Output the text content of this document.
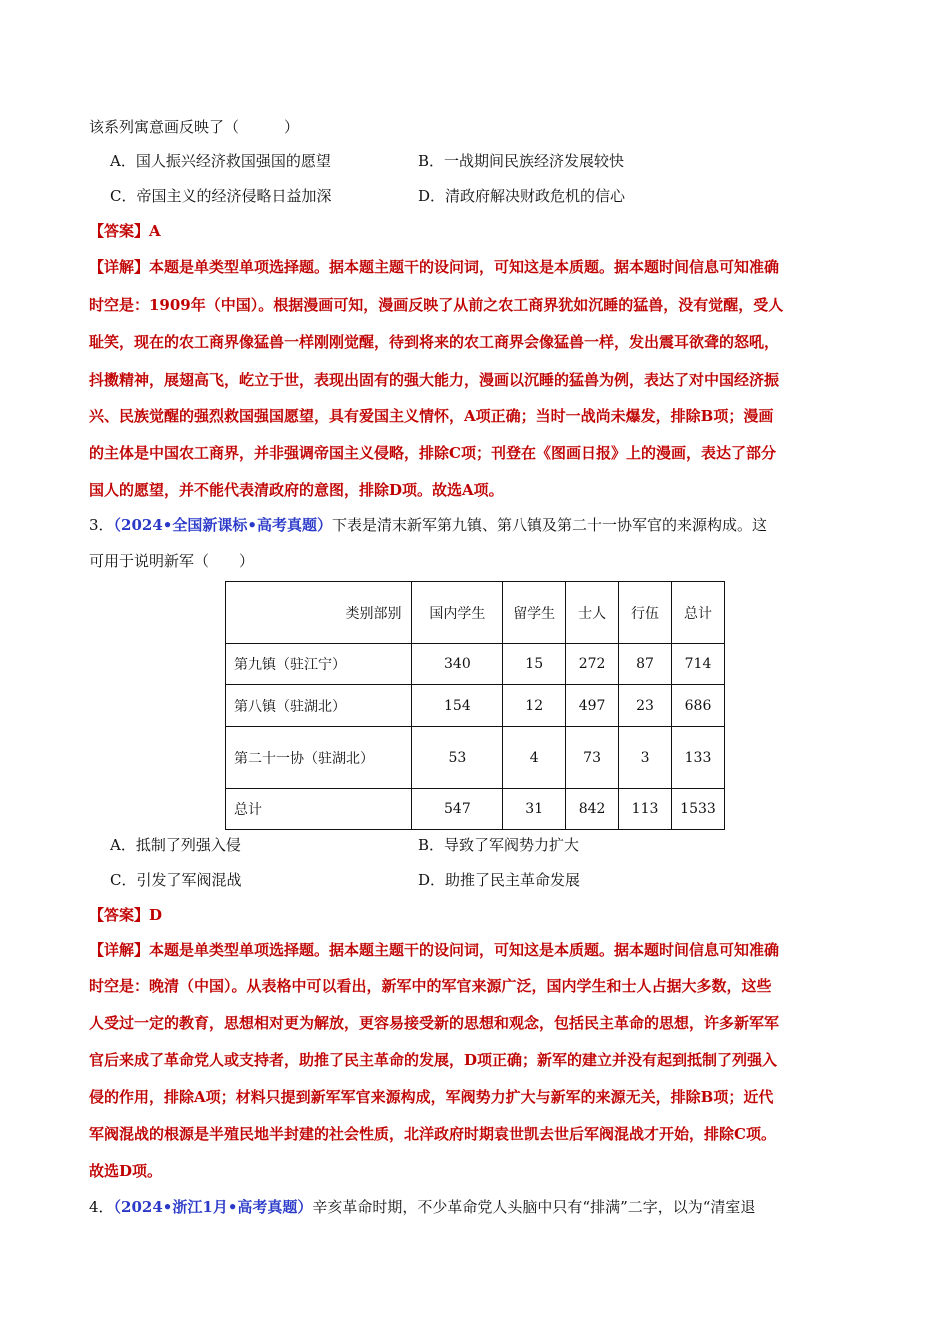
该系列寓意画反映了（　　　）
A．国人振兴经济救国强国的愿望	B．一战期间民族经济发展较快
C．帝国主义的经济侵略日益加深	D．清政府解决财政危机的信心
【答案】A
【详解】本题是单类型单项选择题。据本题主题干的设问词，可知这是本质题。据本题时间信息可知准确
时空是：1909年（中国）。根据漫画可知，漫画反映了从前之农工商界犹如沉睡的猛兽，没有觉醒，受人
耻笑，现在的农工商界像猛兽一样刚刚觉醒，待到将来的农工商界会像猛兽一样，发出震耳欲聋的怒吼，
抖擞精神，展翅高飞，屹立于世，表现出固有的强大能力，漫画以沉睡的猛兽为例，表达了对中国经济振
兴、民族觉醒的强烈救国强国愿望，具有爱国主义情怀，A项正确；当时一战尚未爆发，排除B项；漫画
的主体是中国农工商界，并非强调帝国主义侵略，排除C项；刊登在《图画日报》上的漫画，表达了部分
国人的愿望，并不能代表清政府的意图，排除D项。故选A项。
3．（2024•全国新课标•高考真题）下表是清末新军第九镇、第八镇及第二十一协军官的来源构成。这
可用于说明新军（　　）
类别部别	国内学生	留学生	士人	行伍	总计
第九镇（驻江宁）	340	15	272	87	714
第八镇（驻湖北）	154	12	497	23	686
第二十一协（驻湖北）	53	4	73	3	133
总计	547	31	842	113	1533
A．抵制了列强入侵	B．导致了军阀势力扩大
C．引发了军阀混战	D．助推了民主革命发展
【答案】D
【详解】本题是单类型单项选择题。据本题主题干的设问词，可知这是本质题。据本题时间信息可知准确
时空是：晚清（中国）。从表格中可以看出，新军中的军官来源广泛，国内学生和士人占据大多数，这些
人受过一定的教育，思想相对更为解放，更容易接受新的思想和观念，包括民主革命的思想，许多新军军
官后来成了革命党人或支持者，助推了民主革命的发展，D项正确；新军的建立并没有起到抵制了列强入
侵的作用，排除A项；材料只提到新军军官来源构成，军阀势力扩大与新军的来源无关，排除B项；近代
军阀混战的根源是半殖民地半封建的社会性质，北洋政府时期袁世凯去世后军阀混战才开始，排除C项。
故选D项。
4．（2024•浙江1月•高考真题）辛亥革命时期，不少革命党人头脑中只有“排满”二字，以为“清室退
